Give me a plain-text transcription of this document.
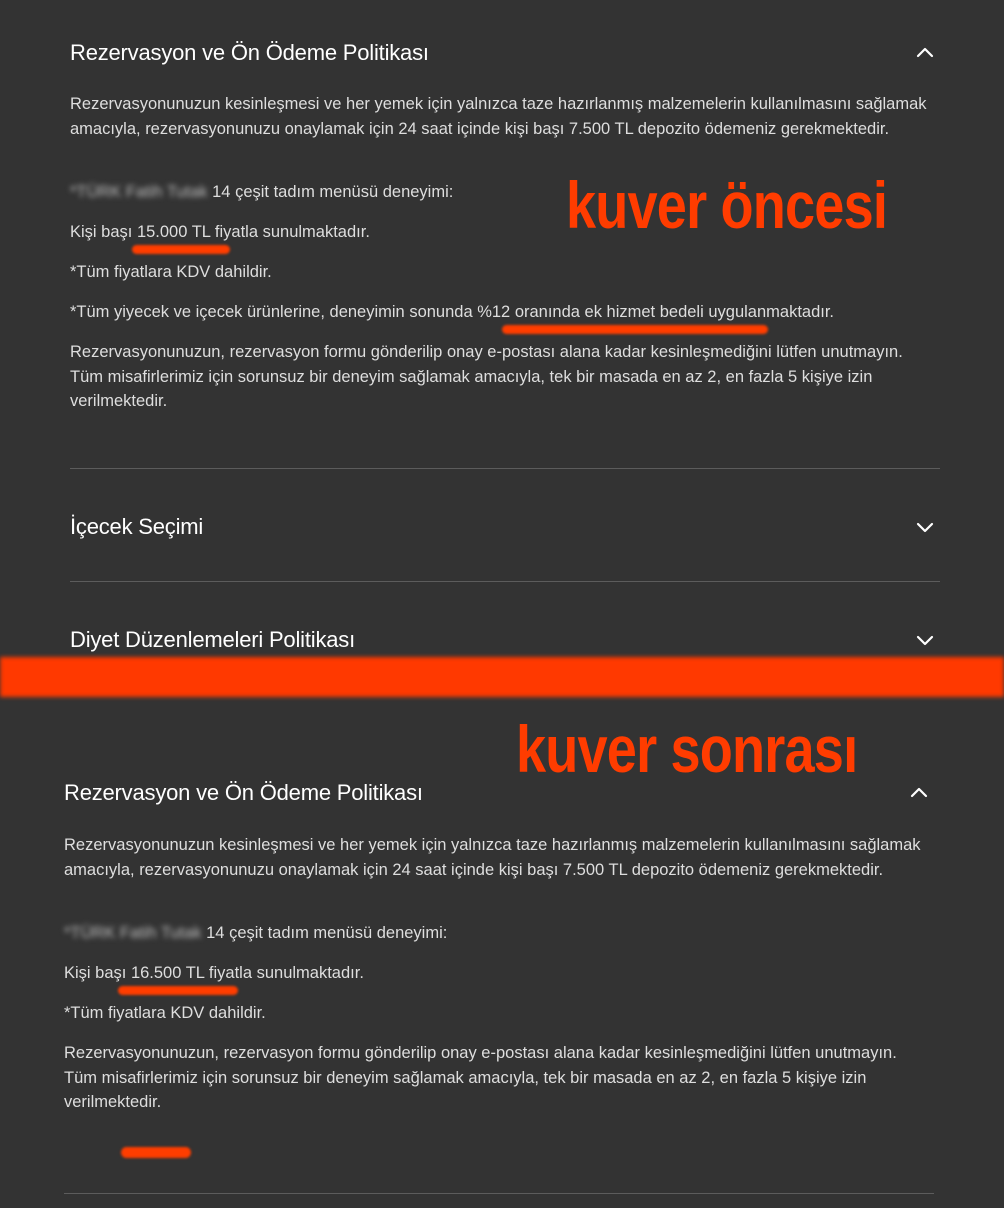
Rezervasyon ve Ön Ödeme Politikası

Rezervasyonunuzun kesinleşmesi ve her yemek için yalnızca taze hazırlanmış malzemelerin kullanılmasını sağlamak amacıyla, rezervasyonunuzu onaylamak için 24 saat içinde kişi başı 7.500 TL depozito ödemeniz gerekmektedir.

*TÜRK Fatih Tutak 14 çeşit tadım menüsü deneyimi:

Kişi başı 15.000 TL fiyatla sunulmaktadır.

*Tüm fiyatlara KDV dahildir.

*Tüm yiyecek ve içecek ürünlerine, deneyimin sonunda %12 oranında ek hizmet bedeli uygulanmaktadır.

Rezervasyonunuzun, rezervasyon formu gönderilip onay e-postası alana kadar kesinleşmediğini lütfen unutmayın. Tüm misafirlerimiz için sorunsuz bir deneyim sağlamak amacıyla, tek bir masada en az 2, en fazla 5 kişiye izin verilmektedir.

İçecek Seçimi
Diyet Düzenlemeleri Politikası
kuver öncesi
Rezervasyon ve Ön Ödeme Politikası

Rezervasyonunuzun kesinleşmesi ve her yemek için yalnızca taze hazırlanmış malzemelerin kullanılmasını sağlamak amacıyla, rezervasyonunuzu onaylamak için 24 saat içinde kişi başı 7.500 TL depozito ödemeniz gerekmektedir.

*TÜRK Fatih Tutak 14 çeşit tadım menüsü deneyimi:

Kişi başı 16.500 TL fiyatla sunulmaktadır.

*Tüm fiyatlara KDV dahildir.

Rezervasyonunuzun, rezervasyon formu gönderilip onay e-postası alana kadar kesinleşmediğini lütfen unutmayın. Tüm misafirlerimiz için sorunsuz bir deneyim sağlamak amacıyla, tek bir masada en az 2, en fazla 5 kişiye izin verilmektedir.

kuver sonrası
